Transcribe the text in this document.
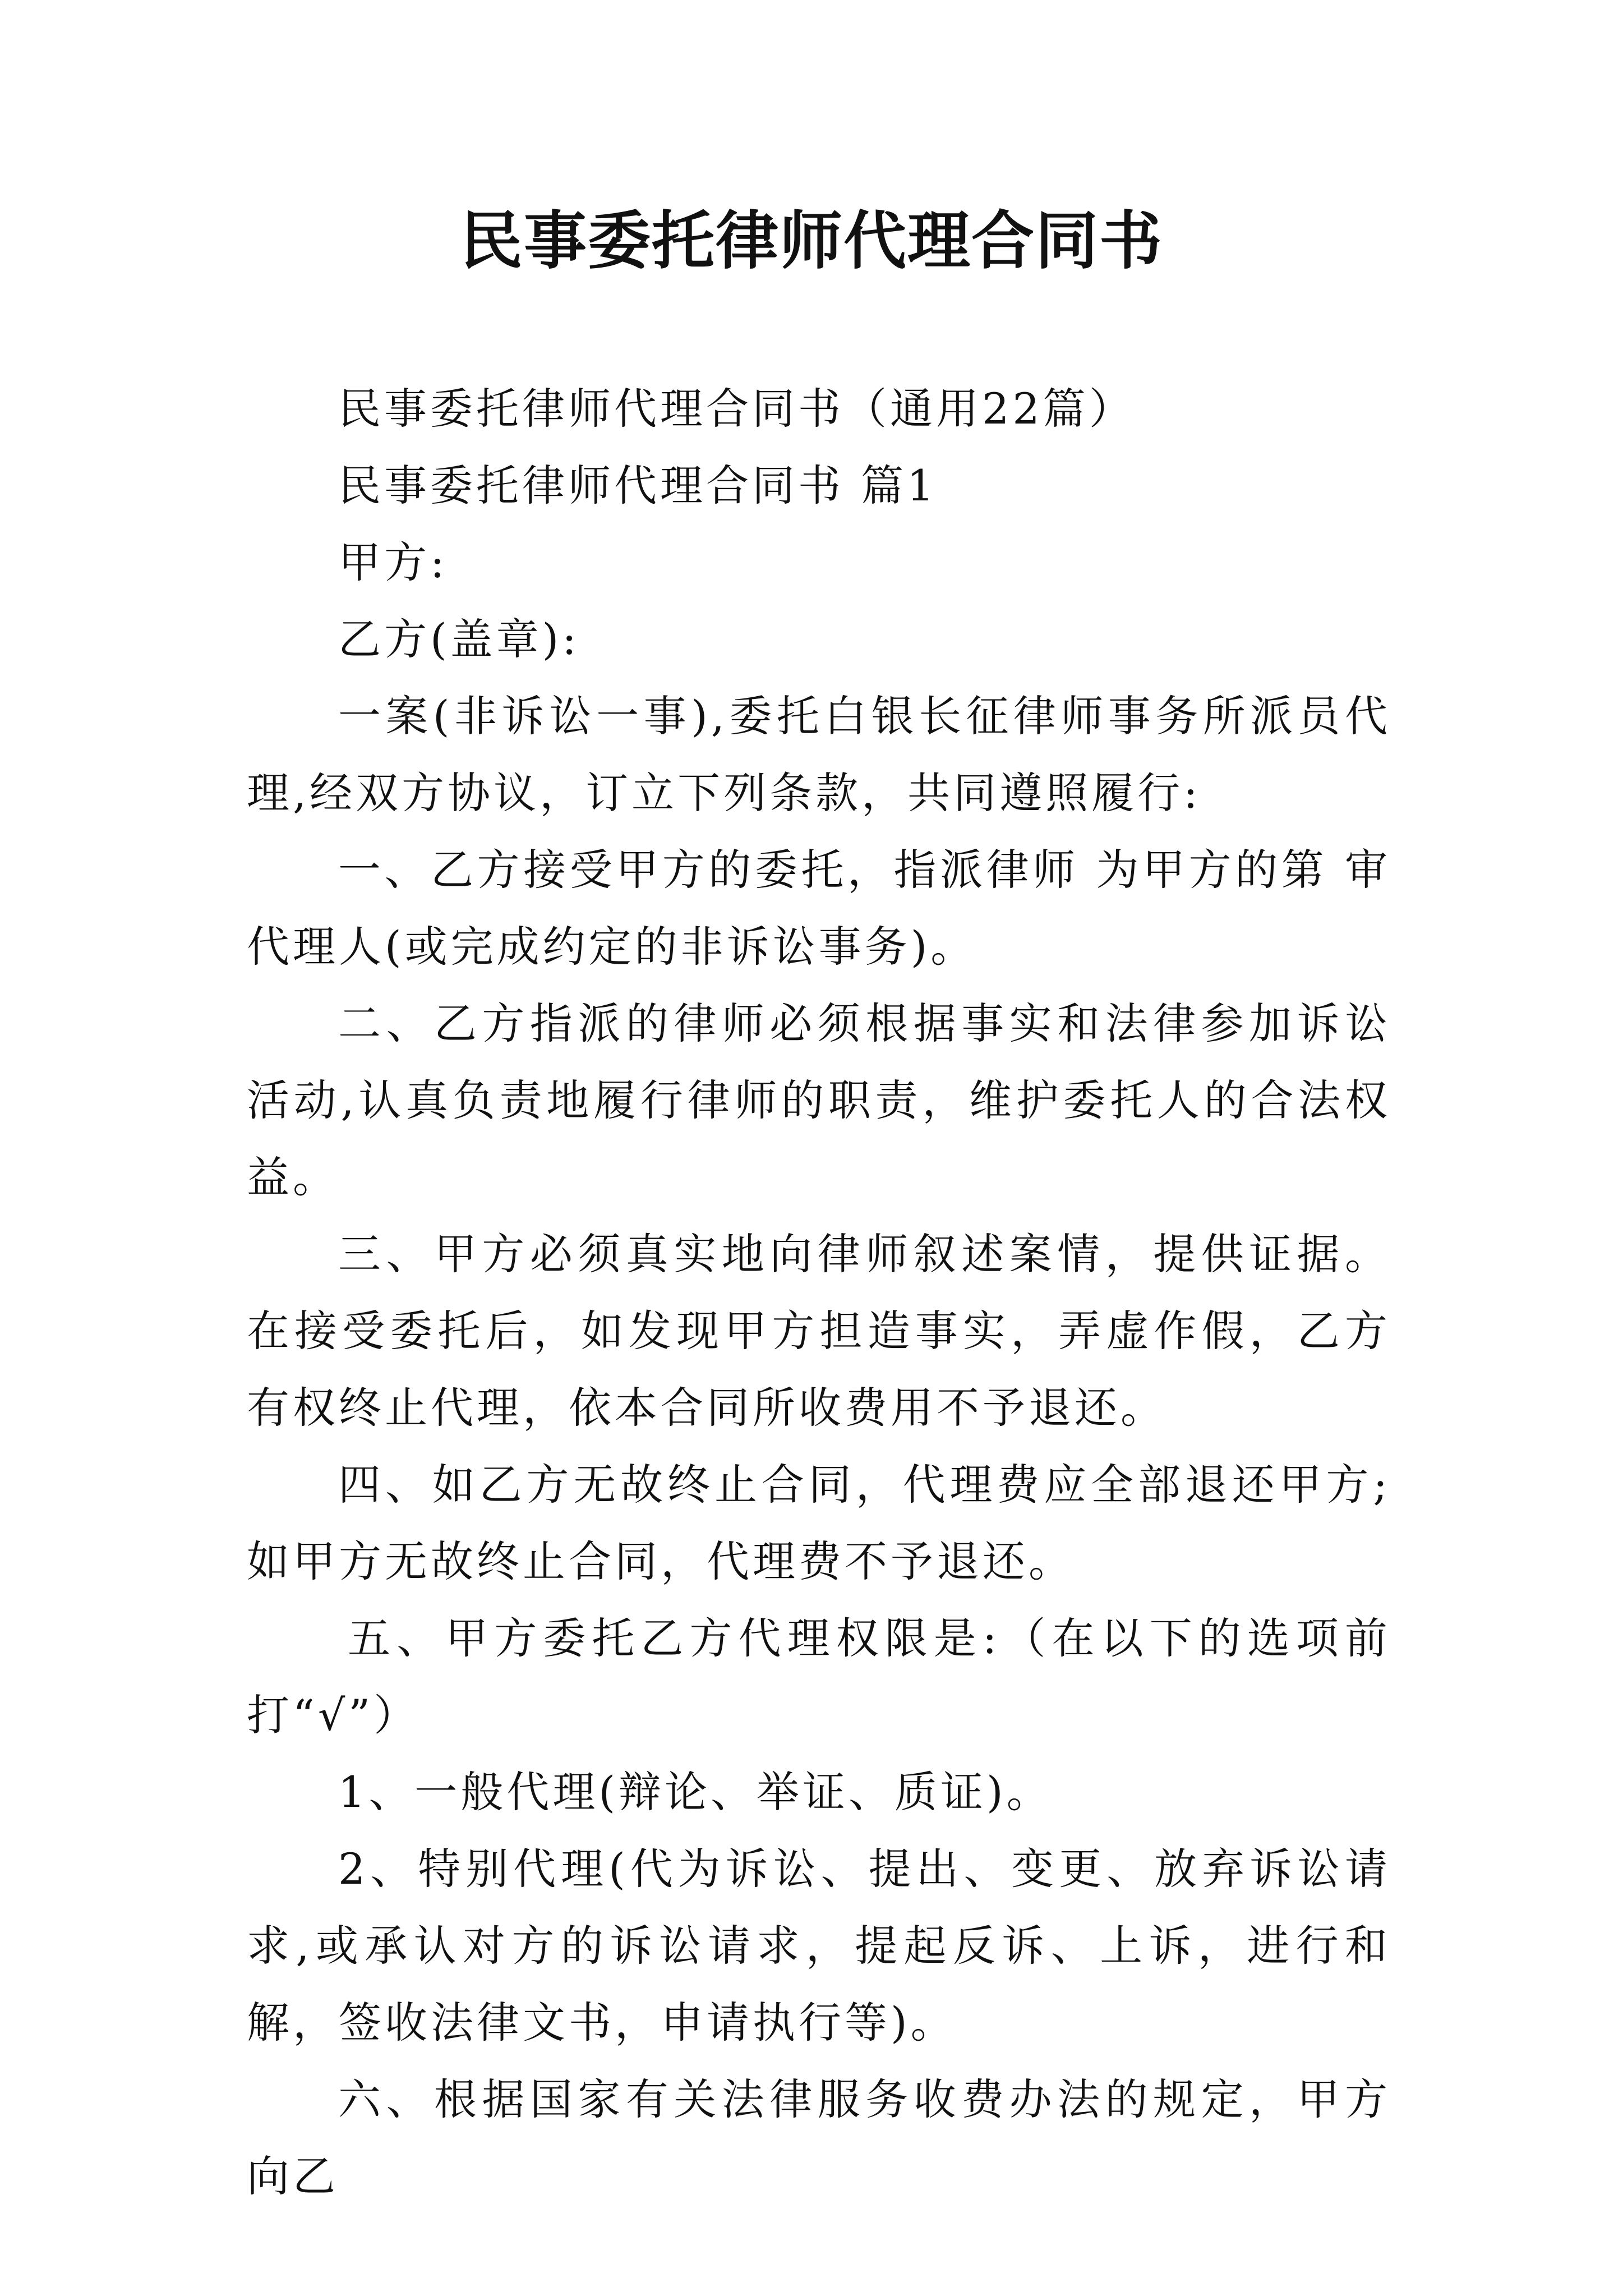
民事委托律师代理合同书

民事委托律师代理合同书（通用22篇）

民事委托律师代理合同书 篇1

甲方:

乙方(盖章):

一案(非诉讼一事),委托白银长征律师事务所派员代理,经双方协议，订立下列条款，共同遵照履行:

一、乙方接受甲方的委托，指派律师 为甲方的第 审代理人(或完成约定的非诉讼事务)。

二、乙方指派的律师必须根据事实和法律参加诉讼活动,认真负责地履行律师的职责，维护委托人的合法权益。

三、甲方必须真实地向律师叙述案情，提供证据。在接受委托后，如发现甲方担造事实，弄虚作假，乙方有权终止代理，依本合同所收费用不予退还。

四、如乙方无故终止合同，代理费应全部退还甲方;如甲方无故终止合同，代理费不予退还。

五、甲方委托乙方代理权限是:（在以下的选项前打“√”）

1、一般代理(辩论、举证、质证)。

2、特别代理(代为诉讼、提出、变更、放弃诉讼请求,或承认对方的诉讼请求，提起反诉、上诉，进行和解，签收法律文书，申请执行等)。

六、根据国家有关法律服务收费办法的规定，甲方向乙
